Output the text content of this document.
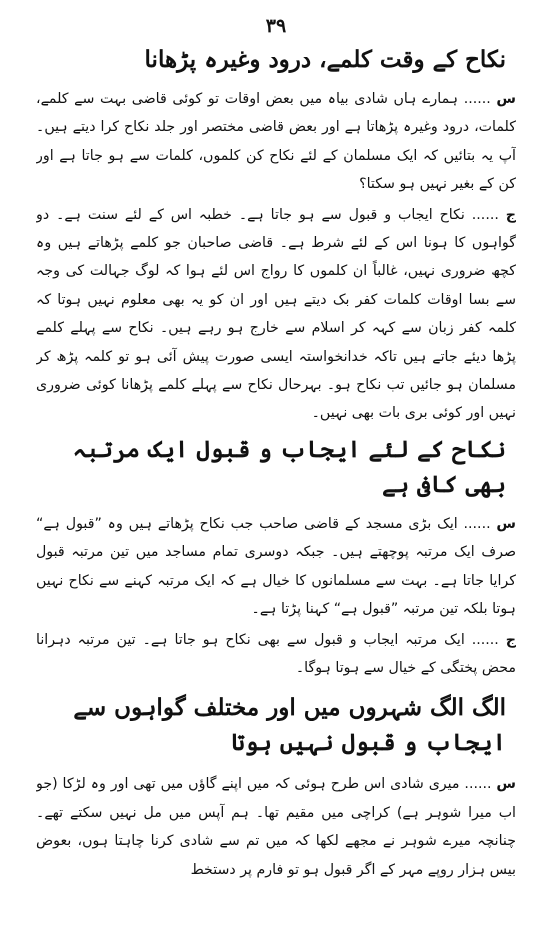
۳۹
نکاح کے وقت کلمے، درود وغیرہ پڑھانا

س ...... ہمارے ہاں شادی بیاہ میں بعض اوقات تو کوئی قاضی بہت سے کلمے، کلمات، درود وغیرہ پڑھاتا ہے اور بعض قاضی مختصر اور جلد نکاح کرا دیتے ہیں۔ آپ یہ بتائیں کہ ایک مسلمان کے لئے نکاح کن کلموں، کلمات سے ہو جاتا ہے اور کن کے بغیر نہیں ہو سکتا؟

ج ...... نکاح ایجاب و قبول سے ہو جاتا ہے۔ خطبہ اس کے لئے سنت ہے۔ دو گواہوں کا ہونا اس کے لئے شرط ہے۔ قاضی صاحبان جو کلمے پڑھاتے ہیں وہ کچھ ضروری نہیں، غالباً ان کلموں کا رواج اس لئے ہوا کہ لوگ جہالت کی وجہ سے بسا اوقات کلمات کفر بک دیتے ہیں اور ان کو یہ بھی معلوم نہیں ہوتا کہ کلمہ کفر زبان سے کہہ کر اسلام سے خارج ہو رہے ہیں۔ نکاح سے پہلے کلمے پڑھا دیئے جاتے ہیں تاکہ خدانخواستہ ایسی صورت پیش آئی ہو تو کلمہ پڑھ کر مسلمان ہو جائیں تب نکاح ہو۔ بہرحال نکاح سے پہلے کلمے پڑھانا کوئی ضروری نہیں اور کوئی بری بات بھی نہیں۔

نکاح کے لئے ایجاب و قبول ایک مرتبہ بھی کافی ہے

س ...... ایک بڑی مسجد کے قاضی صاحب جب نکاح پڑھاتے ہیں وہ ”قبول ہے“ صرف ایک مرتبہ پوچھتے ہیں۔ جبکہ دوسری تمام مساجد میں تین مرتبہ قبول کرایا جاتا ہے۔ بہت سے مسلمانوں کا خیال ہے کہ ایک مرتبہ کہنے سے نکاح نہیں ہوتا بلکہ تین مرتبہ ”قبول ہے“ کہنا پڑتا ہے۔

ج ...... ایک مرتبہ ایجاب و قبول سے بھی نکاح ہو جاتا ہے۔ تین مرتبہ دہرانا محض پختگی کے خیال سے ہوتا ہوگا۔

الگ الگ شہروں میں اور مختلف گواہوں سے
ایجاب و قبول نہیں ہوتا

س ...... میری شادی اس طرح ہوئی کہ میں اپنے گاؤں میں تھی اور وہ لڑکا (جو اب میرا شوہر ہے) کراچی میں مقیم تھا۔ ہم آپس میں مل نہیں سکتے تھے۔ چنانچہ میرے شوہر نے مجھے لکھا کہ میں تم سے شادی کرنا چاہتا ہوں، بعوض بیس ہزار روپے مہر کے اگر قبول ہو تو فارم پر دستخط
